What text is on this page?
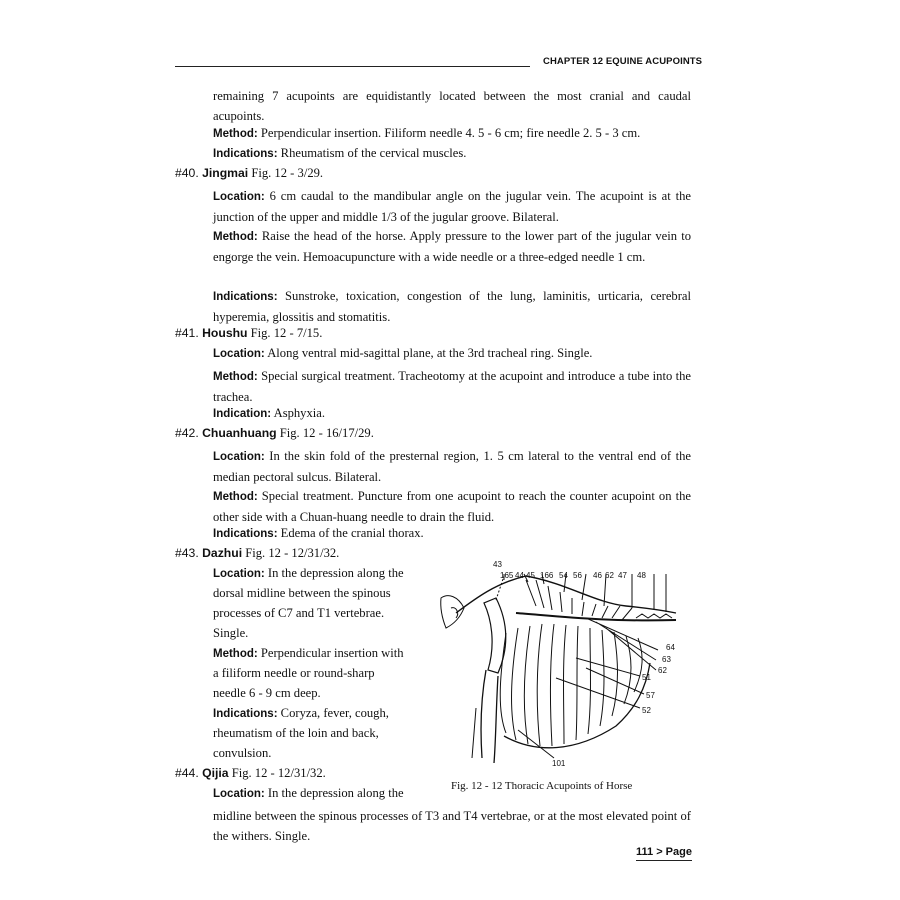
CHAPTER 12 EQUINE ACUPOINTS
remaining 7 acupoints are equidistantly located between the most cranial and caudal acupoints.
Method: Perpendicular insertion. Filiform needle 4. 5 - 6 cm; fire needle 2. 5 - 3 cm.
Indications: Rheumatism of the cervical muscles.
#40. Jingmai Fig. 12 - 3/29.
Location: 6 cm caudal to the mandibular angle on the jugular vein. The acupoint is at the junction of the upper and middle 1/3 of the jugular groove. Bilateral.
Method: Raise the head of the horse. Apply pressure to the lower part of the jugular vein to engorge the vein. Hemoacupuncture with a wide needle or a three-edged needle 1 cm.
Indications: Sunstroke, toxication, congestion of the lung, laminitis, urticaria, cerebral hyperemia, glossitis and stomatitis.
#41. Houshu Fig. 12 - 7/15.
Location: Along ventral mid-sagittal plane, at the 3rd tracheal ring. Single.
Method: Special surgical treatment. Tracheotomy at the acupoint and introduce a tube into the trachea.
Indication: Asphyxia.
#42. Chuanhuang Fig. 12 - 16/17/29.
Location: In the skin fold of the presternal region, 1. 5 cm lateral to the ventral end of the median pectoral sulcus. Bilateral.
Method: Special treatment. Puncture from one acupoint to reach the counter acupoint on the other side with a Chuan-huang needle to drain the fluid.
Indications: Edema of the cranial thorax.
#43. Dazhui Fig. 12 - 12/31/32.
Location: In the depression along the
dorsal midline between the spinous
processes of C7 and T1 vertebrae.
Single.
Method: Perpendicular insertion with
a filiform needle or round-sharp
needle 6 - 9 cm deep.
Indications: Coryza, fever, cough,
rheumatism of the loin and back,
convulsion.
#44. Qijia Fig. 12 - 12/31/32.
Location: In the depression along the
midline between the spinous processes of T3 and T4 vertebrae, or at the most elevated point of the withers. Single.
43
165 44 45 166 54 56 46 62 47 48
64
63
62
51
57
52
101
Fig. 12 - 12 Thoracic Acupoints of Horse
111 > Page
